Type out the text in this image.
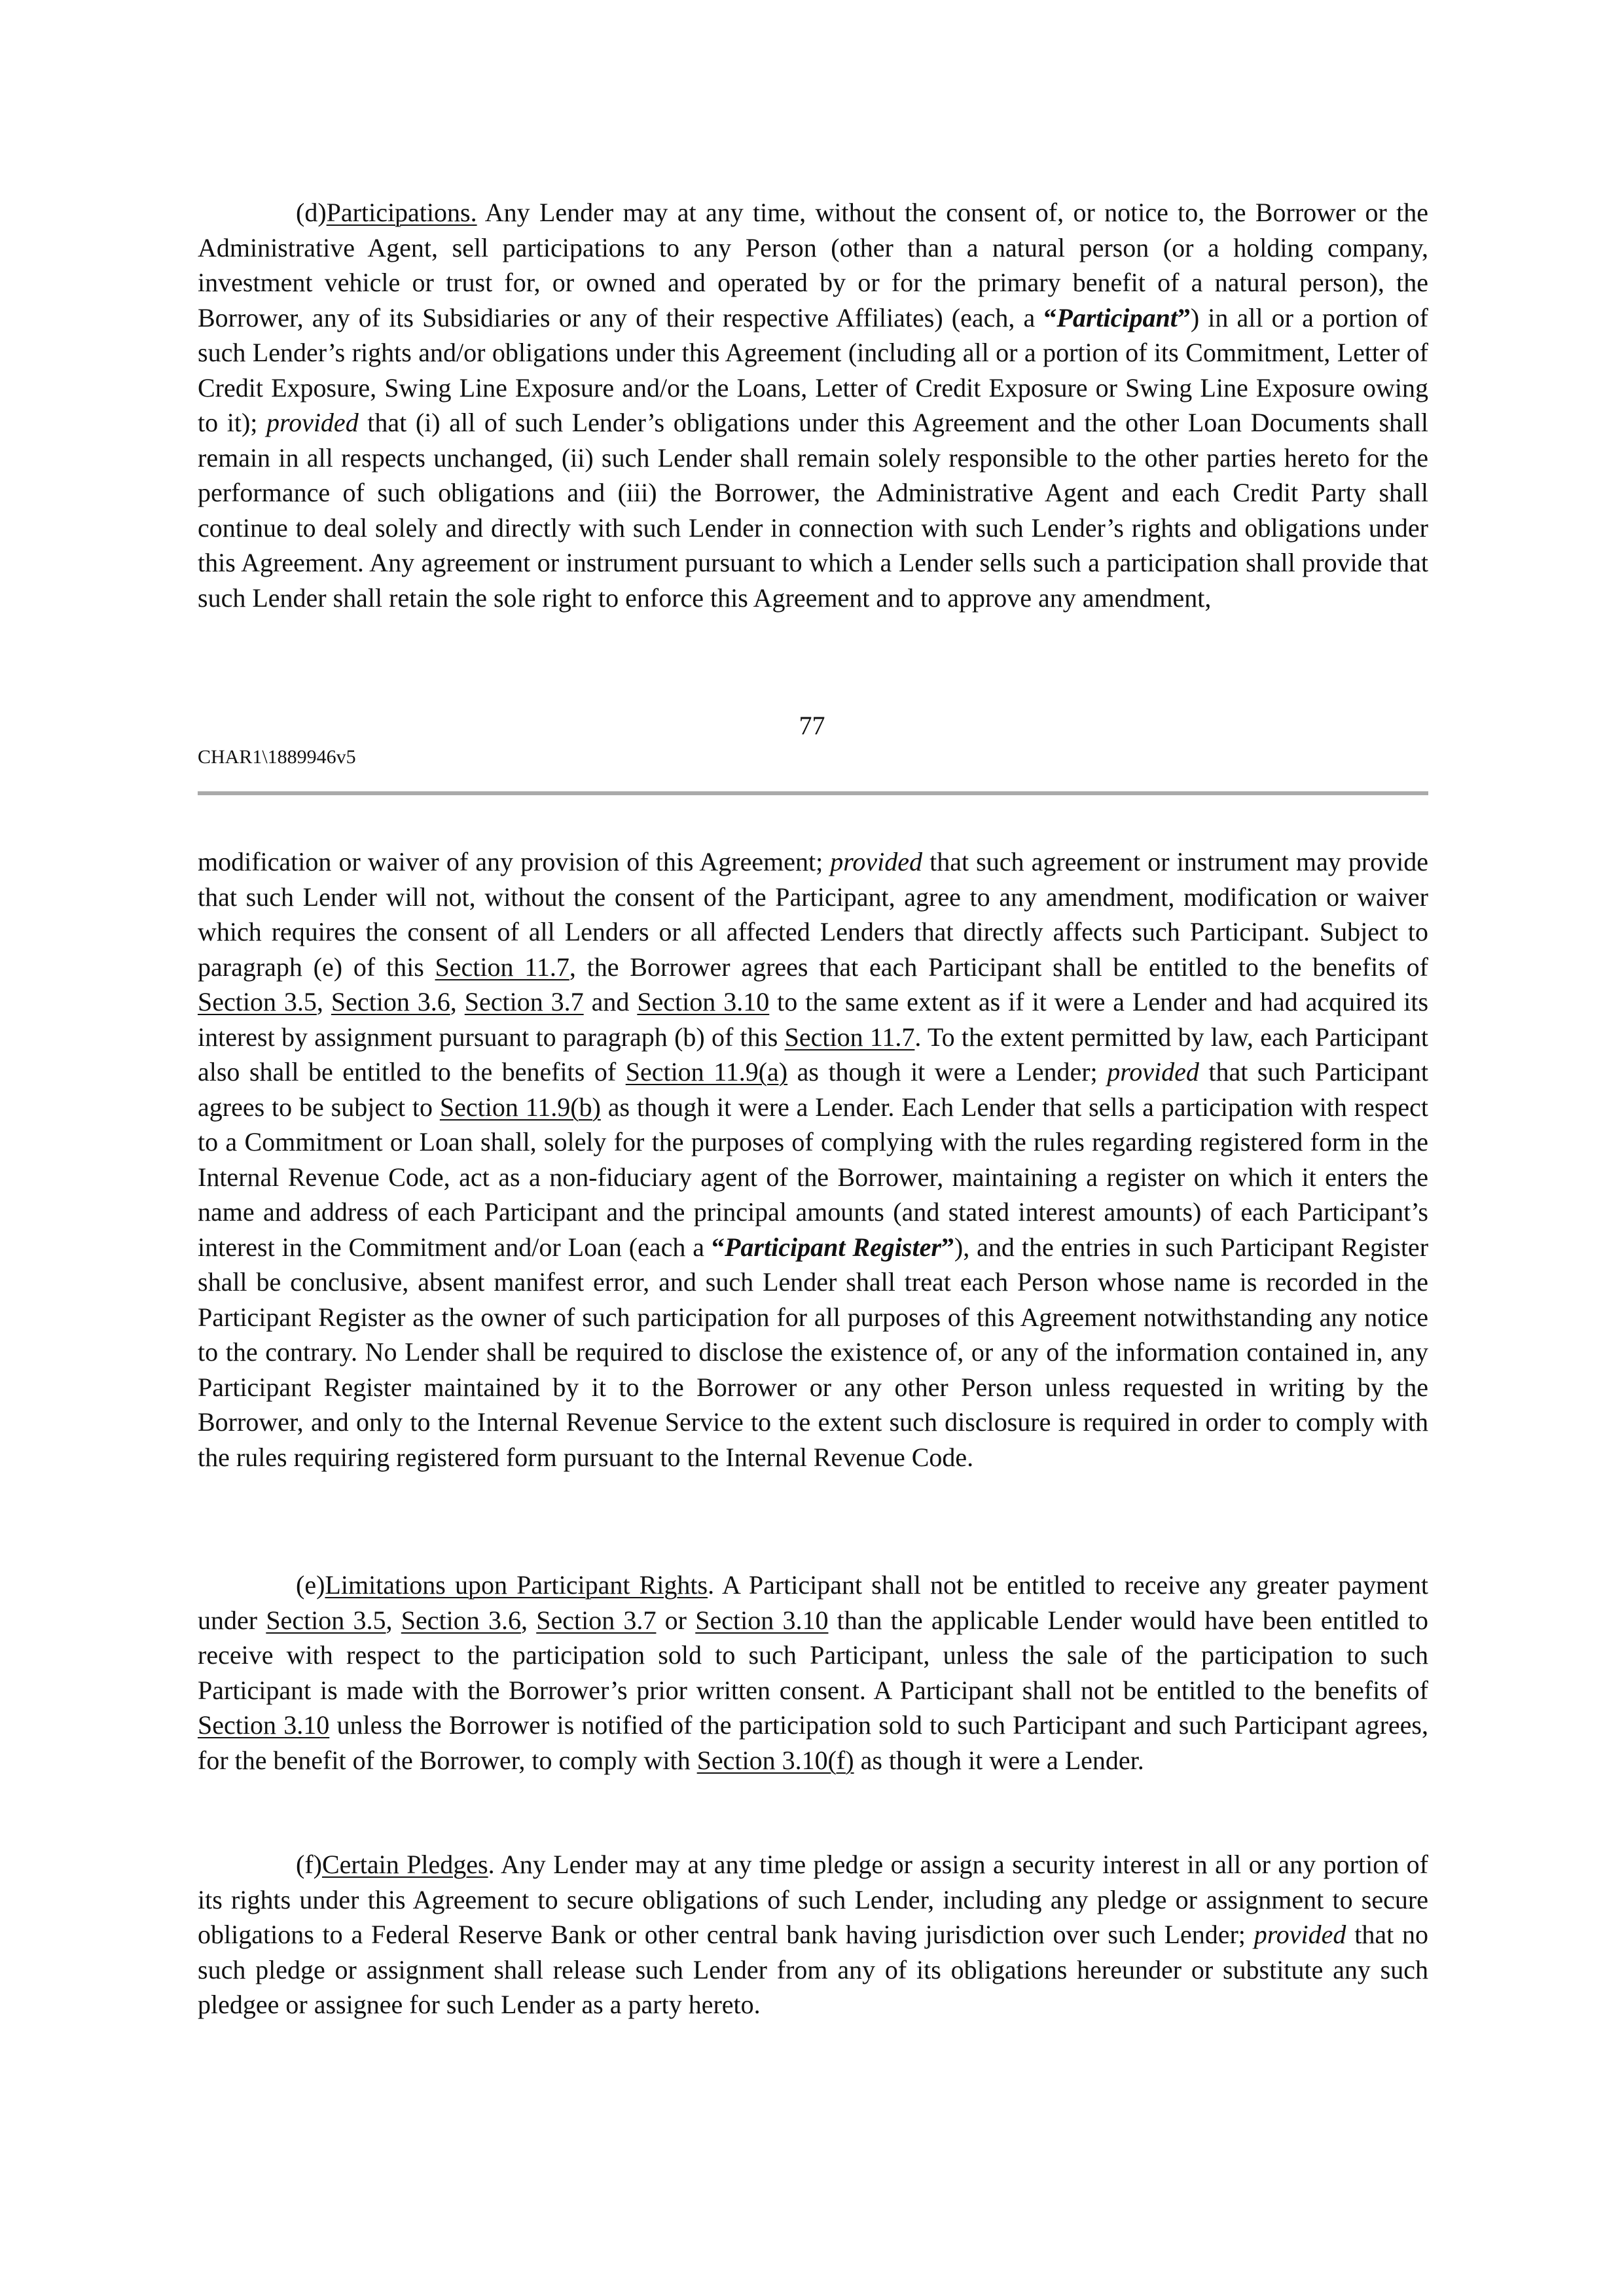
(d)Participations. Any Lender may at any time, without the consent of, or notice to, the Borrower or the Administrative Agent, sell participations to any Person (other than a natural person (or a holding company, investment vehicle or trust for, or owned and operated by or for the primary benefit of a natural person), the Borrower, any of its Subsidiaries or any of their respective Affiliates) (each, a “Participant”) in all or a portion of such Lender’s rights and/or obligations under this Agreement (including all or a portion of its Commitment, Letter of Credit Exposure, Swing Line Exposure and/or the Loans, Letter of Credit Exposure or Swing Line Exposure owing to it); provided that (i) all of such Lender’s obligations under this Agreement and the other Loan Documents shall remain in all respects unchanged, (ii) such Lender shall remain solely responsible to the other parties hereto for the performance of such obligations and (iii) the Borrower, the Administrative Agent and each Credit Party shall continue to deal solely and directly with such Lender in connection with such Lender’s rights and obligations under this Agreement. Any agreement or instrument pursuant to which a Lender sells such a participation shall provide that such Lender shall retain the sole right to enforce this Agreement and to approve any amendment,

77
CHAR1\1889946v5

modification or waiver of any provision of this Agreement; provided that such agreement or instrument may provide that such Lender will not, without the consent of the Participant, agree to any amendment, modification or waiver which requires the consent of all Lenders or all affected Lenders that directly affects such Participant. Subject to paragraph (e) of this Section 11.7, the Borrower agrees that each Participant shall be entitled to the benefits of Section 3.5, Section 3.6, Section 3.7 and Section 3.10 to the same extent as if it were a Lender and had acquired its interest by assignment pursuant to paragraph (b) of this Section 11.7. To the extent permitted by law, each Participant also shall be entitled to the benefits of Section 11.9(a) as though it were a Lender; provided that such Participant agrees to be subject to Section 11.9(b) as though it were a Lender. Each Lender that sells a participation with respect to a Commitment or Loan shall, solely for the purposes of complying with the rules regarding registered form in the Internal Revenue Code, act as a non-fiduciary agent of the Borrower, maintaining a register on which it enters the name and address of each Participant and the principal amounts (and stated interest amounts) of each Participant’s interest in the Commitment and/or Loan (each a “Participant Register”), and the entries in such Participant Register shall be conclusive, absent manifest error, and such Lender shall treat each Person whose name is recorded in the Participant Register as the owner of such participation for all purposes of this Agreement notwithstanding any notice to the contrary. No Lender shall be required to disclose the existence of, or any of the information contained in, any Participant Register maintained by it to the Borrower or any other Person unless requested in writing by the Borrower, and only to the Internal Revenue Service to the extent such disclosure is required in order to comply with the rules requiring registered form pursuant to the Internal Revenue Code.

(e)Limitations upon Participant Rights. A Participant shall not be entitled to receive any greater payment under Section 3.5, Section 3.6, Section 3.7 or Section 3.10 than the applicable Lender would have been entitled to receive with respect to the participation sold to such Participant, unless the sale of the participation to such Participant is made with the Borrower’s prior written consent. A Participant shall not be entitled to the benefits of Section 3.10 unless the Borrower is notified of the participation sold to such Participant and such Participant agrees, for the benefit of the Borrower, to comply with Section 3.10(f) as though it were a Lender.

(f)Certain Pledges. Any Lender may at any time pledge or assign a security interest in all or any portion of its rights under this Agreement to secure obligations of such Lender, including any pledge or assignment to secure obligations to a Federal Reserve Bank or other central bank having jurisdiction over such Lender; provided that no such pledge or assignment shall release such Lender from any of its obligations hereunder or substitute any such pledgee or assignee for such Lender as a party hereto.
